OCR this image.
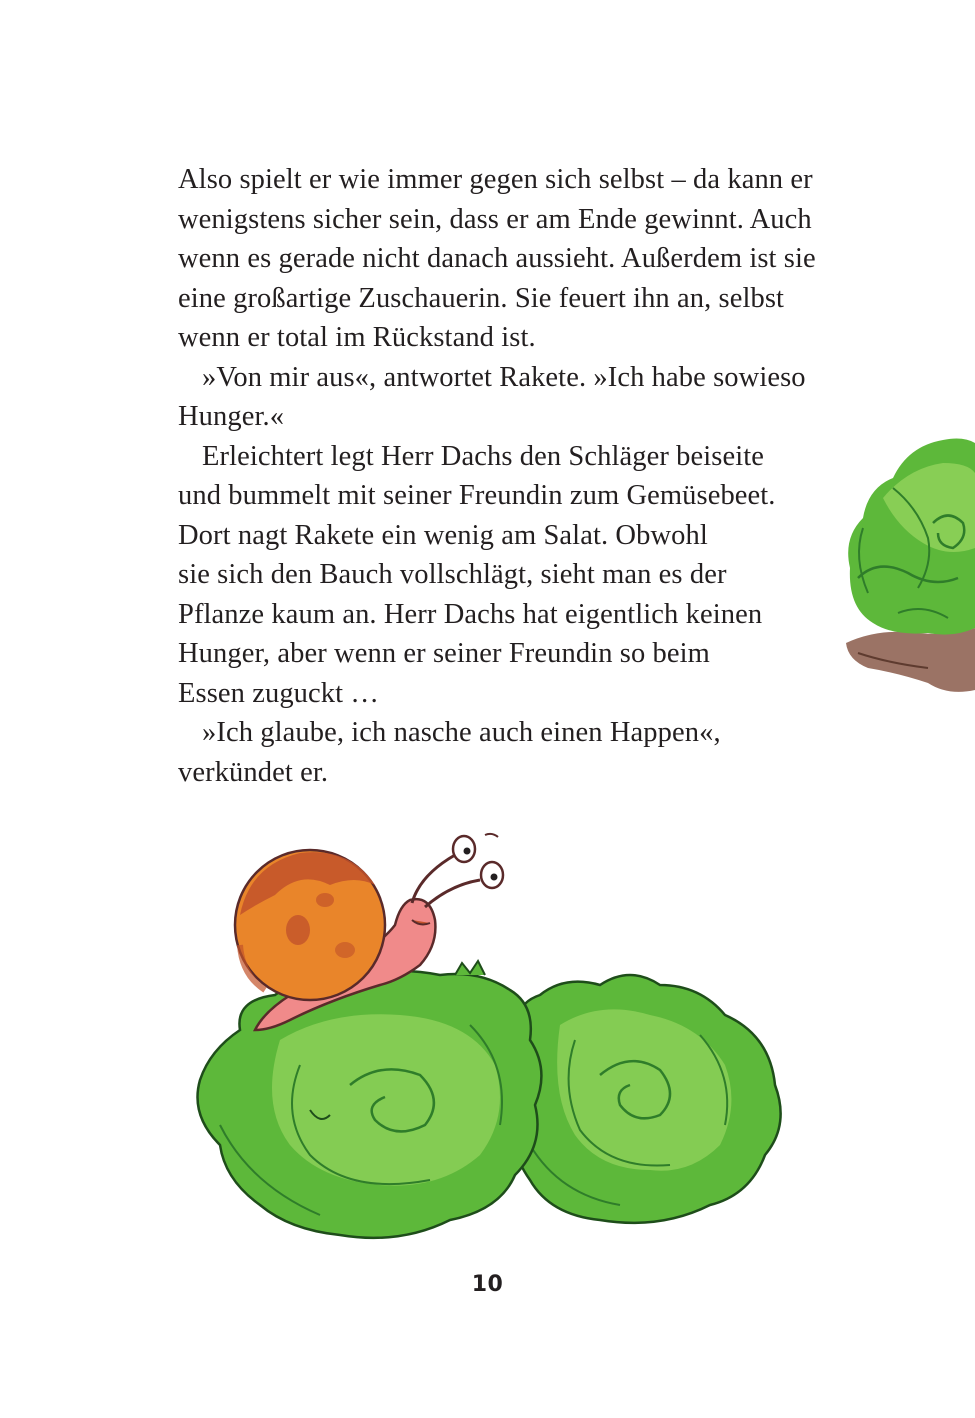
Also spielt er wie immer gegen sich selbst – da kann er
wenigstens sicher sein, dass er am Ende gewinnt. Auch
wenn es gerade nicht danach aussieht. Außerdem ist sie
eine großartige Zuschauerin. Sie feuert ihn an, selbst
wenn er total im Rückstand ist.
»Von mir aus«, antwortet Rakete. »Ich habe sowieso
Hunger.«
Erleichtert legt Herr Dachs den Schläger beiseite
und bummelt mit seiner Freundin zum Gemüsebeet.
Dort nagt Rakete ein wenig am Salat. Obwohl
sie sich den Bauch vollschlägt, sieht man es der
Pflanze kaum an. Herr Dachs hat eigentlich keinen
Hunger, aber wenn er seiner Freundin so beim
Essen zuguckt …
»Ich glaube, ich nasche auch einen Happen«,
verkündet er.
10
